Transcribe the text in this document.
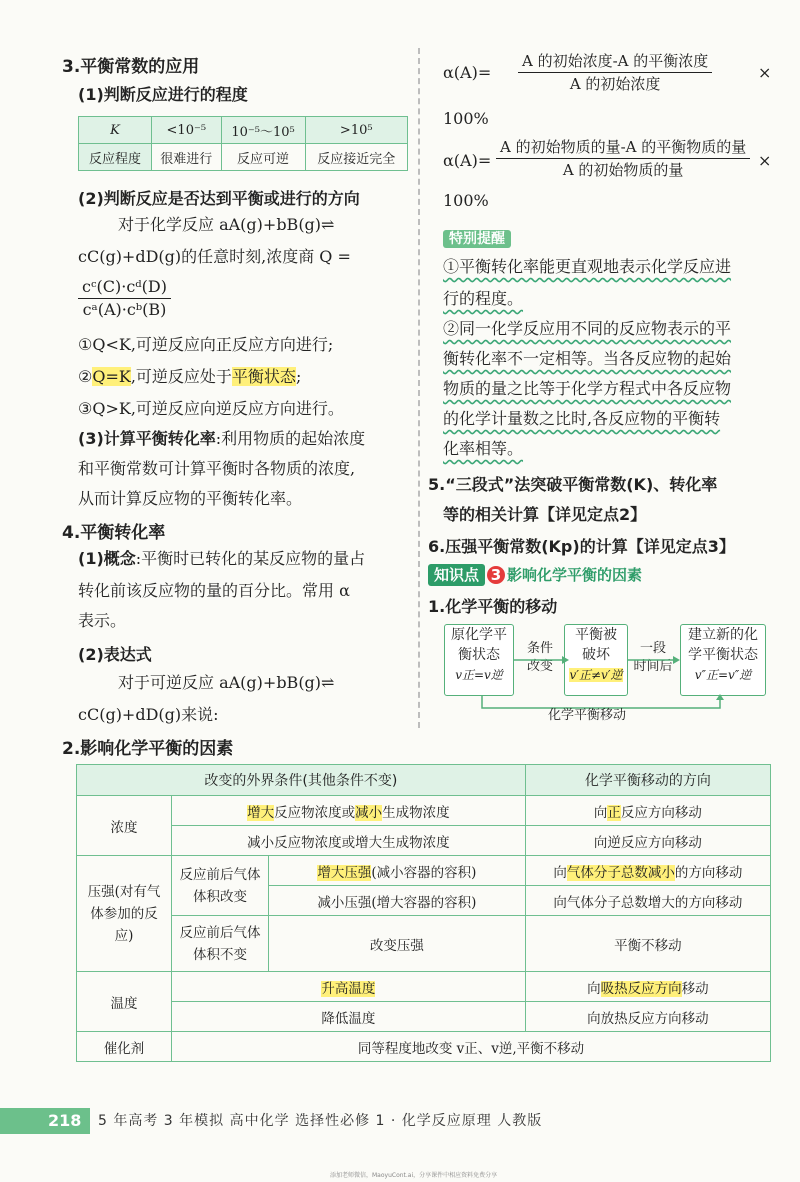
3.平衡常数的应用
(1)判断反应进行的程度
K	<10⁻⁵	10⁻⁵～10⁵	>10⁵
反应程度	很难进行	反应可逆	反应接近完全
(2)判断反应是否达到平衡或进行的方向
对于化学反应 aA(g)+bB(g)⇌
cC(g)+dD(g)的任意时刻,浓度商 Q =
$\frac{\text{cᶜ(C)·cᵈ(D)}}{\text{cᵃ(A)·cᵇ(B)}}$
①Q<K,可逆反应向正反应方向进行;
②Q=K,可逆反应处于平衡状态;
③Q>K,可逆反应向逆反应方向进行。
(3)计算平衡转化率:利用物质的起始浓度
和平衡常数可计算平衡时各物质的浓度,
从而计算反应物的平衡转化率。
4.平衡转化率
(1)概念:平衡时已转化的某反应物的量占
转化前该反应物的量的百分比。常用 α
表示。
(2)表达式
对于可逆反应 aA(g)+bB(g)⇌
cC(g)+dD(g)来说:
α(A)=
A 的初始浓度-A 的平衡浓度
A 的初始浓度
×
100%
α(A)=
A 的初始物质的量-A 的平衡物质的量
A 的初始物质的量	×
100%
特别提醒
①平衡转化率能更直观地表示化学反应进
行的程度。
②同一化学反应用不同的反应物表示的平
衡转化率不一定相等。当各反应物的起始
物质的量之比等于化学方程式中各反应物
的化学计量数之比时,各反应物的平衡转
化率相等。
5.“三段式”法突破平衡常数(K)、转化率
等的相关计算【详见定点2】
6.压强平衡常数(Kp)的计算【详见定点3】
知识点 3 影响化学平衡的因素
1.化学平衡的移动
原化学平
衡状态
v正=v逆
条件
改变
平衡被
破坏
v′正≠v′逆
一段
时间后
建立新的化
学平衡状态
v″正=v″逆
化学平衡移动
2.影响化学平衡的因素
改变的外界条件(其他条件不变)			化学平衡移动的方向
浓度	增大反应物浓度或减小生成物浓度		向正反应方向移动
	减小反应物浓度或增大生成物浓度		向逆反应方向移动
压强(对有气体参加的反应)	反应前后气体体积改变	增大压强(减小容器的容积)	向气体分子总数减小的方向移动
		减小压强(增大容器的容积)	向气体分子总数增大的方向移动
	反应前后气体体积不变	改变压强	平衡不移动
温度	升高温度		向吸热反应方向移动
	降低温度		向放热反应方向移动
催化剂	同等程度地改变 v正、v逆,平衡不移动		
218 5 年高考 3 年模拟 高中化学 选择性必修 1 · 化学反应原理 人教版
添加老师微信，MaoyuCont.ai，分享课件中相应资料免费分享
